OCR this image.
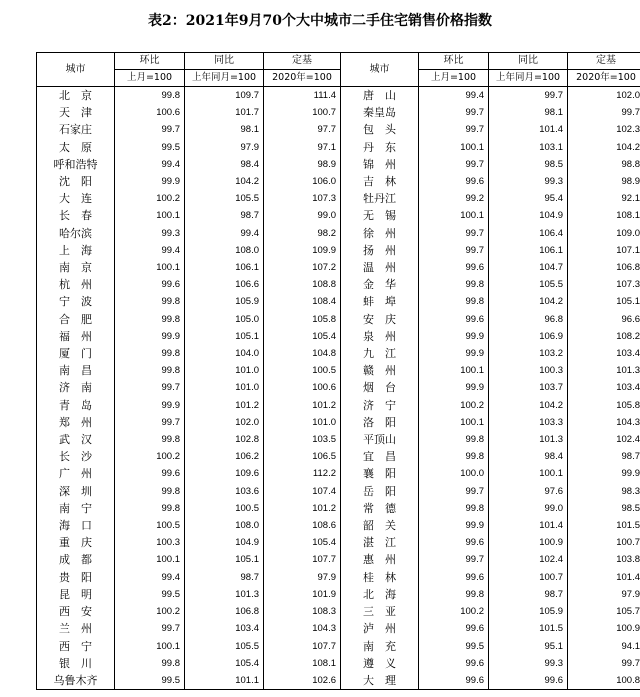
表2：2021年9月70个大中城市二手住宅销售价格指数
城市	环比	同比	定基	城市	环比	同比	定基
	上月=100	上年同月=100	2020年=100		上月=100	上年同月=100	2020年=100
北　京	99.8	109.7	111.4	唐　山	99.4	99.7	102.0
天　津	100.6	101.7	100.7	秦皇岛	99.7	98.1	99.7
石家庄	99.7	98.1	97.7	包　头	99.7	101.4	102.3
太　原	99.5	97.9	97.1	丹　东	100.1	103.1	104.2
呼和浩特	99.4	98.4	98.9	锦　州	99.7	98.5	98.8
沈　阳	99.9	104.2	106.0	吉　林	99.6	99.3	98.9
大　连	100.2	105.5	107.3	牡丹江	99.2	95.4	92.1
长　春	100.1	98.7	99.0	无　锡	100.1	104.9	108.1
哈尔滨	99.3	99.4	98.2	徐　州	99.7	106.4	109.0
上　海	99.4	108.0	109.9	扬　州	99.7	106.1	107.1
南　京	100.1	106.1	107.2	温　州	99.6	104.7	106.8
杭　州	99.6	106.6	108.8	金　华	99.8	105.5	107.3
宁　波	99.8	105.9	108.4	蚌　埠	99.8	104.2	105.1
合　肥	99.8	105.0	105.8	安　庆	99.6	96.8	96.6
福　州	99.9	105.1	105.4	泉　州	99.9	106.9	108.2
厦　门	99.8	104.0	104.8	九　江	99.9	103.2	103.4
南　昌	99.8	101.0	100.5	赣　州	100.1	100.3	101.3
济　南	99.7	101.0	100.6	烟　台	99.9	103.7	103.4
青　岛	99.9	101.2	101.2	济　宁	100.2	104.2	105.8
郑　州	99.7	102.0	101.0	洛　阳	100.1	103.3	104.3
武　汉	99.8	102.8	103.5	平顶山	99.8	101.3	102.4
长　沙	100.2	106.2	106.5	宜　昌	99.8	98.4	98.7
广　州	99.6	109.6	112.2	襄　阳	100.0	100.1	99.9
深　圳	99.8	103.6	107.4	岳　阳	99.7	97.6	98.3
南　宁	99.8	100.5	101.2	常　德	99.8	99.0	98.5
海　口	100.5	108.0	108.6	韶　关	99.9	101.4	101.5
重　庆	100.3	104.9	105.4	湛　江	99.6	100.9	100.7
成　都	100.1	105.1	107.7	惠　州	99.7	102.4	103.8
贵　阳	99.4	98.7	97.9	桂　林	99.6	100.7	101.4
昆　明	99.5	101.3	101.9	北　海	99.8	98.7	97.9
西　安	100.2	106.8	108.3	三　亚	100.2	105.9	105.7
兰　州	99.7	103.4	104.3	泸　州	99.6	101.5	100.9
西　宁	100.1	105.5	107.7	南　充	99.5	95.1	94.1
银　川	99.8	105.4	108.1	遵　义	99.6	99.3	99.7
乌鲁木齐	99.5	101.1	102.6	大　理	99.6	99.6	100.8
